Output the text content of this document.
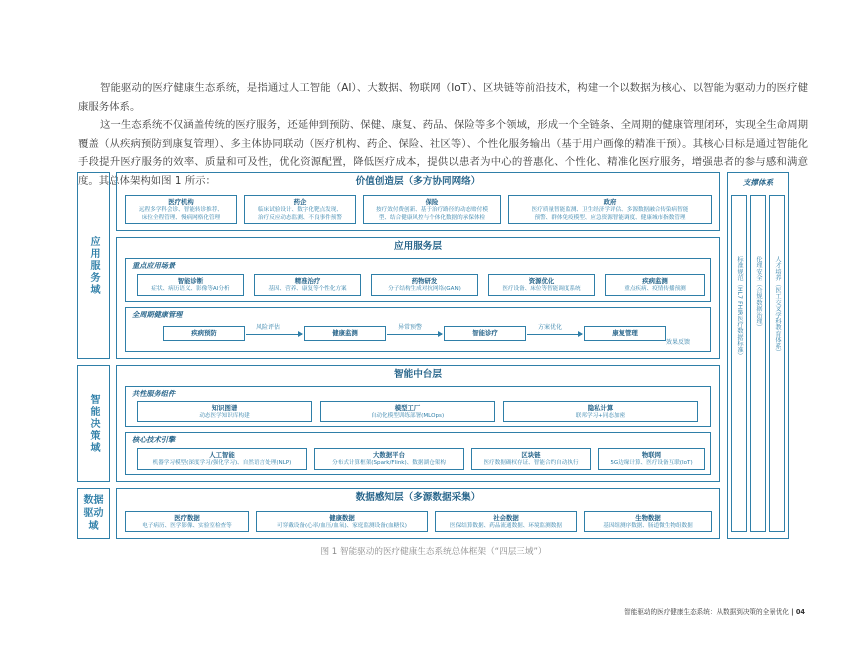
智能驱动的医疗健康生态系统，是指通过人工智能（AI）、大数据、物联网（IoT）、区块链等前沿技术，构建一个以数据为核心、以智能为驱动力的医疗健康服务体系。

这一生态系统不仅涵盖传统的医疗服务，还延伸到预防、保健、康复、药品、保险等多个领域，形成一个全链条、全周期的健康管理闭环，实现全生命周期覆盖（从疾病预防到康复管理）、多主体协同联动（医疗机构、药企、保险、社区等）、个性化服务输出（基于用户画像的精准干预）。其核心目标是通过智能化手段提升医疗服务的效率、质量和可及性，优化资源配置，降低医疗成本，提供以患者为中心的普惠化、个性化、精准化医疗服务，增强患者的参与感和满意度。其总体架构如图 1 所示：

应用服务域
智能决策域
数据驱动域
价值创造层（多方协同网络）
医疗机构
远程多学科会诊、智能转诊推荐、
床位全程管理、慢病网格化管理
药企
临床试验设计、数字化靶点发现、
治疗反应动态监测、不良事件预警
保险
按疗效付费创新、基于治疗路径的动态赔付模
型、结合健康风控与个体化数据的承保体检
政府
医疗质量智能监测、卫生经济学评估、多源数据融合传染病智能
预警、群体免疫模型、应急资源智能调度、健康城市指数管理
应用服务层
重点应用场景
智能诊断
症状、病历语义、影像等AI分析
精准治疗
基因、营养、康复等个性化方案
药物研发
分子结构生成对抗网络(GAN)
资源优化
医疗设备、床位等智能调度系统
疾病监测
重点疾病、疫情传播预测
全周期健康管理
疾病预防	健康监测	智能诊疗	康复管理
风险评估	异常预警	方案优化
效果反馈
智能中台层
共性服务组件
知识图谱
动态医学知识库构建
模型工厂
自动化模型训练部署(MLOps)
隐私计算
联邦学习+同态加密
核心技术引擎
人工智能
机器学习模型(深度学习/强化学习)、自然语言处理(NLP)
大数据平台
分布式计算框架(Spark/Flink)、数据湖仓架构
区块链
医疗数据确权存证、智能合约自动执行
物联网
5G边缘计算、医疗设备互联(IoT)
数据感知层（多源数据采集）
医疗数据
电子病历、医学影像、实验室检查等
健康数据
可穿戴设备(心率/血压/血氧)、家庭监测设备(血糖仪)
社会数据
医保结算数据、药品流通数据、环境监测数据
生物数据
基因组测序数据、肠道微生物组数据
支撑体系
标准规范（HL7 FHIR医疗数据标准） 伦理安全（合规数据治理） 人才培养（医工交叉学科教育体系）
图 1 智能驱动的医疗健康生态系统总体框架（“四层三域”）
智能驱动的医疗健康生态系统：从数据到决策的全景优化 | 04
